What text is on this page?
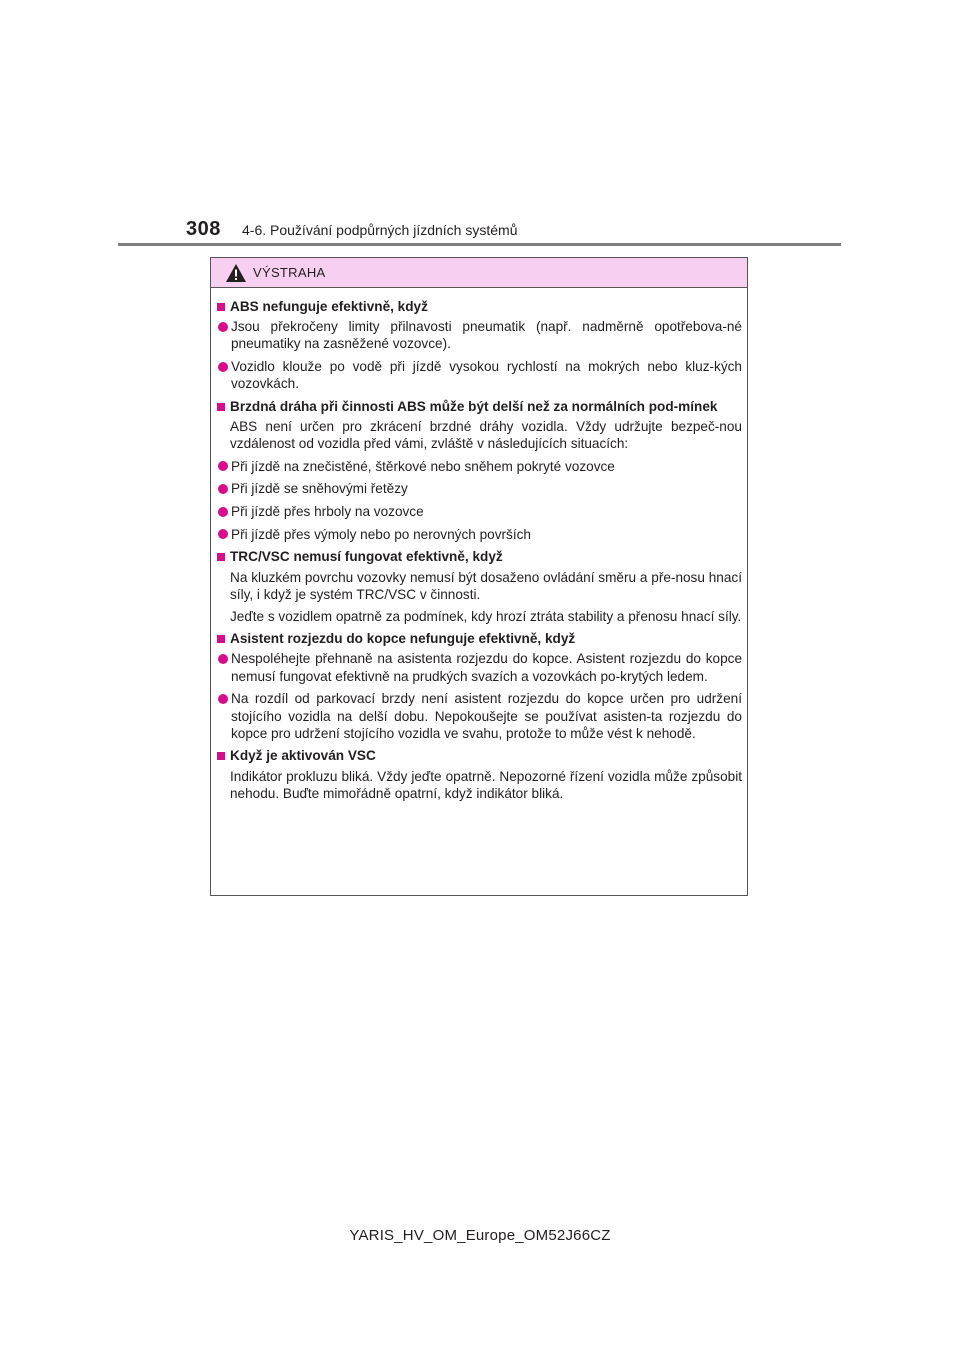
308 4-6. Používání podpůrných jízdních systémů
VÝSTRAHA
ABS nefunguje efektivně, když
Jsou překročeny limity přilnavosti pneumatik (např. nadměrně opotřebova-né pneumatiky na zasněžené vozovce).
Vozidlo klouže po vodě při jízdě vysokou rychlostí na mokrých nebo kluz-kých vozovkách.
Brzdná dráha při činnosti ABS může být delší než za normálních pod-mínek
ABS není určen pro zkrácení brzdné dráhy vozidla. Vždy udržujte bezpeč-nou vzdálenost od vozidla před vámi, zvláště v následujících situacích:
Při jízdě na znečistěné, štěrkové nebo sněhem pokryté vozovce
Při jízdě se sněhovými řetězy
Při jízdě přes hrboly na vozovce
Při jízdě přes výmoly nebo po nerovných površích
TRC/VSC nemusí fungovat efektivně, když
Na kluzkém povrchu vozovky nemusí být dosaženo ovládání směru a pře-nosu hnací síly, i když je systém TRC/VSC v činnosti.
Jeďte s vozidlem opatrně za podmínek, kdy hrozí ztráta stability a přenosu hnací síly.
Asistent rozjezdu do kopce nefunguje efektivně, když
Nespoléhejte přehnaně na asistenta rozjezdu do kopce. Asistent rozjezdu do kopce nemusí fungovat efektivně na prudkých svazích a vozovkách po-krytých ledem.
Na rozdíl od parkovací brzdy není asistent rozjezdu do kopce určen pro udržení stojícího vozidla na delší dobu. Nepokoušejte se používat asisten-ta rozjezdu do kopce pro udržení stojícího vozidla ve svahu, protože to může vést k nehodě.
Když je aktivován VSC
Indikátor prokluzu bliká. Vždy jeďte opatrně. Nepozorné řízení vozidla může způsobit nehodu. Buďte mimořádně opatrní, když indikátor bliká.
YARIS_HV_OM_Europe_OM52J66CZ
